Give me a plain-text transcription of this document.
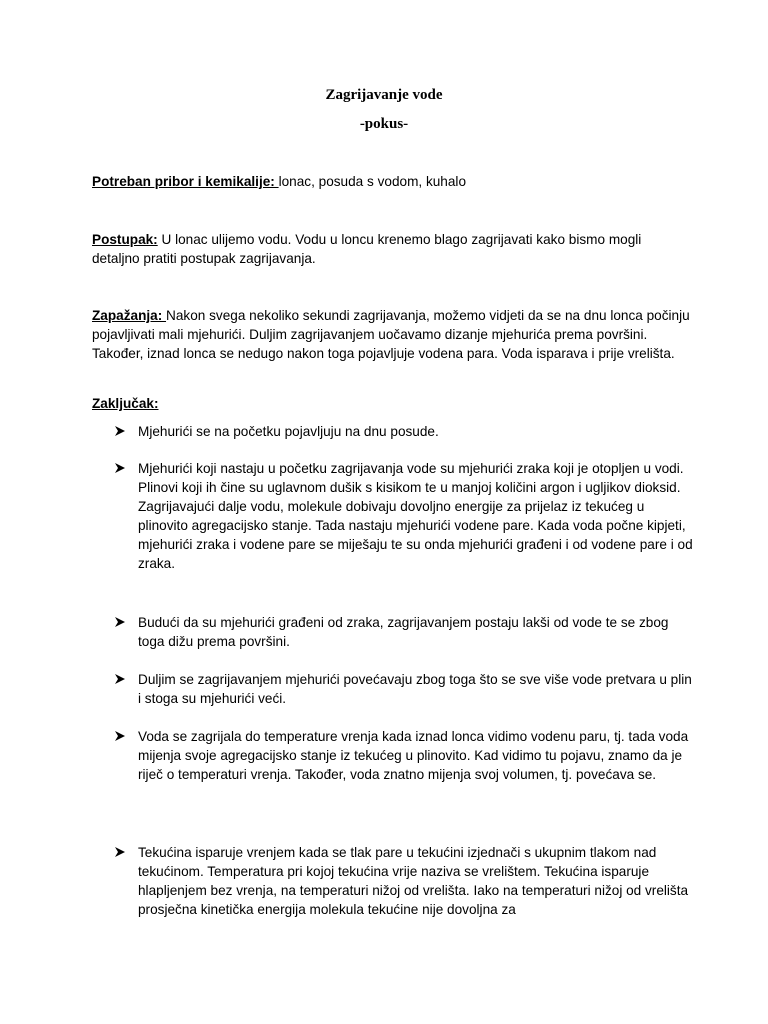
Zagrijavanje vode
-pokus-
Potreban pribor i kemikalije: lonac, posuda s vodom, kuhalo
Postupak: U lonac ulijemo vodu. Vodu u loncu krenemo blago zagrijavati kako bismo mogli detaljno pratiti postupak zagrijavanja.
Zapažanja: Nakon svega nekoliko sekundi zagrijavanja, možemo vidjeti da se na dnu lonca počinju pojavljivati mali mjehurići. Duljim zagrijavanjem uočavamo dizanje mjehurića prema površini. Također, iznad lonca se nedugo nakon toga pojavljuje vodena para. Voda isparava i prije vrelišta.
Zaključak:
Mjehurići se na početku pojavljuju na dnu posude.
Mjehurići koji nastaju u početku zagrijavanja vode su mjehurići zraka koji je otopljen u vodi. Plinovi koji ih čine su uglavnom dušik s kisikom te u manjoj količini argon i ugljikov dioksid. Zagrijavajući dalje vodu, molekule dobivaju dovoljno energije za prijelaz iz tekućeg u plinovito agregacijsko stanje. Tada nastaju mjehurići vodene pare. Kada voda počne kipjeti, mjehurići zraka i vodene pare se miješaju te su onda mjehurići građeni i od vodene pare i od zraka.
Budući da su mjehurići građeni od zraka, zagrijavanjem postaju lakši od vode te se zbog toga dižu prema površini.
Duljim se zagrijavanjem mjehurići povećavaju zbog toga što se sve više vode pretvara u plin i stoga su mjehurići veći.
Voda se zagrijala do temperature vrenja kada iznad lonca vidimo vodenu paru, tj. tada voda mijenja svoje agregacijsko stanje iz tekućeg u plinovito. Kad vidimo tu pojavu, znamo da je riječ o temperaturi vrenja. Također, voda znatno mijenja svoj volumen, tj. povećava se.
Tekućina isparuje vrenjem kada se tlak pare u tekućini izjednači s ukupnim tlakom nad tekućinom. Temperatura pri kojoj tekućina vrije naziva se vrelištem. Tekućina isparuje hlapljenjem bez vrenja, na temperaturi nižoj od vrelišta. Iako na temperaturi nižoj od vrelišta prosječna kinetička energija molekula tekućine nije dovoljna za
